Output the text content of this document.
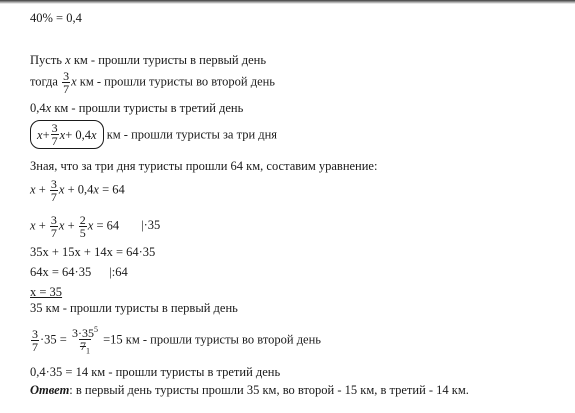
40% = 0,4
Пусть x км - прошли туристы в первый день
тогда $\frac{3}{7}$ x км - прошли туристы во второй день
0,4x км - прошли туристы в третий день
$x + \frac{3}{7}$ x + 0,4 x км - прошли туристы за три дня
Зная, что за три дня туристы прошли 64 км, составим уравнение:
$x + \frac{3}{7}$ x + 0,4x = 64
$x + \frac{3}{7}$ $x + \frac{2}{5}$ x = 64 |·35
35x + 15x + 14x = 64·35
64x = 64·35 |:64
x = 35
35 км - прошли туристы в первый день
$\frac{3}{7} \cdot 35 = \frac{3\cdot 35^5}{7_1} =15$ км - прошли туристы во второй день
0,4·35 = 14 км - прошли туристы в третий день
Ответ: в первый день туристы прошли 35 км, во второй - 15 км, в третий - 14 км.
